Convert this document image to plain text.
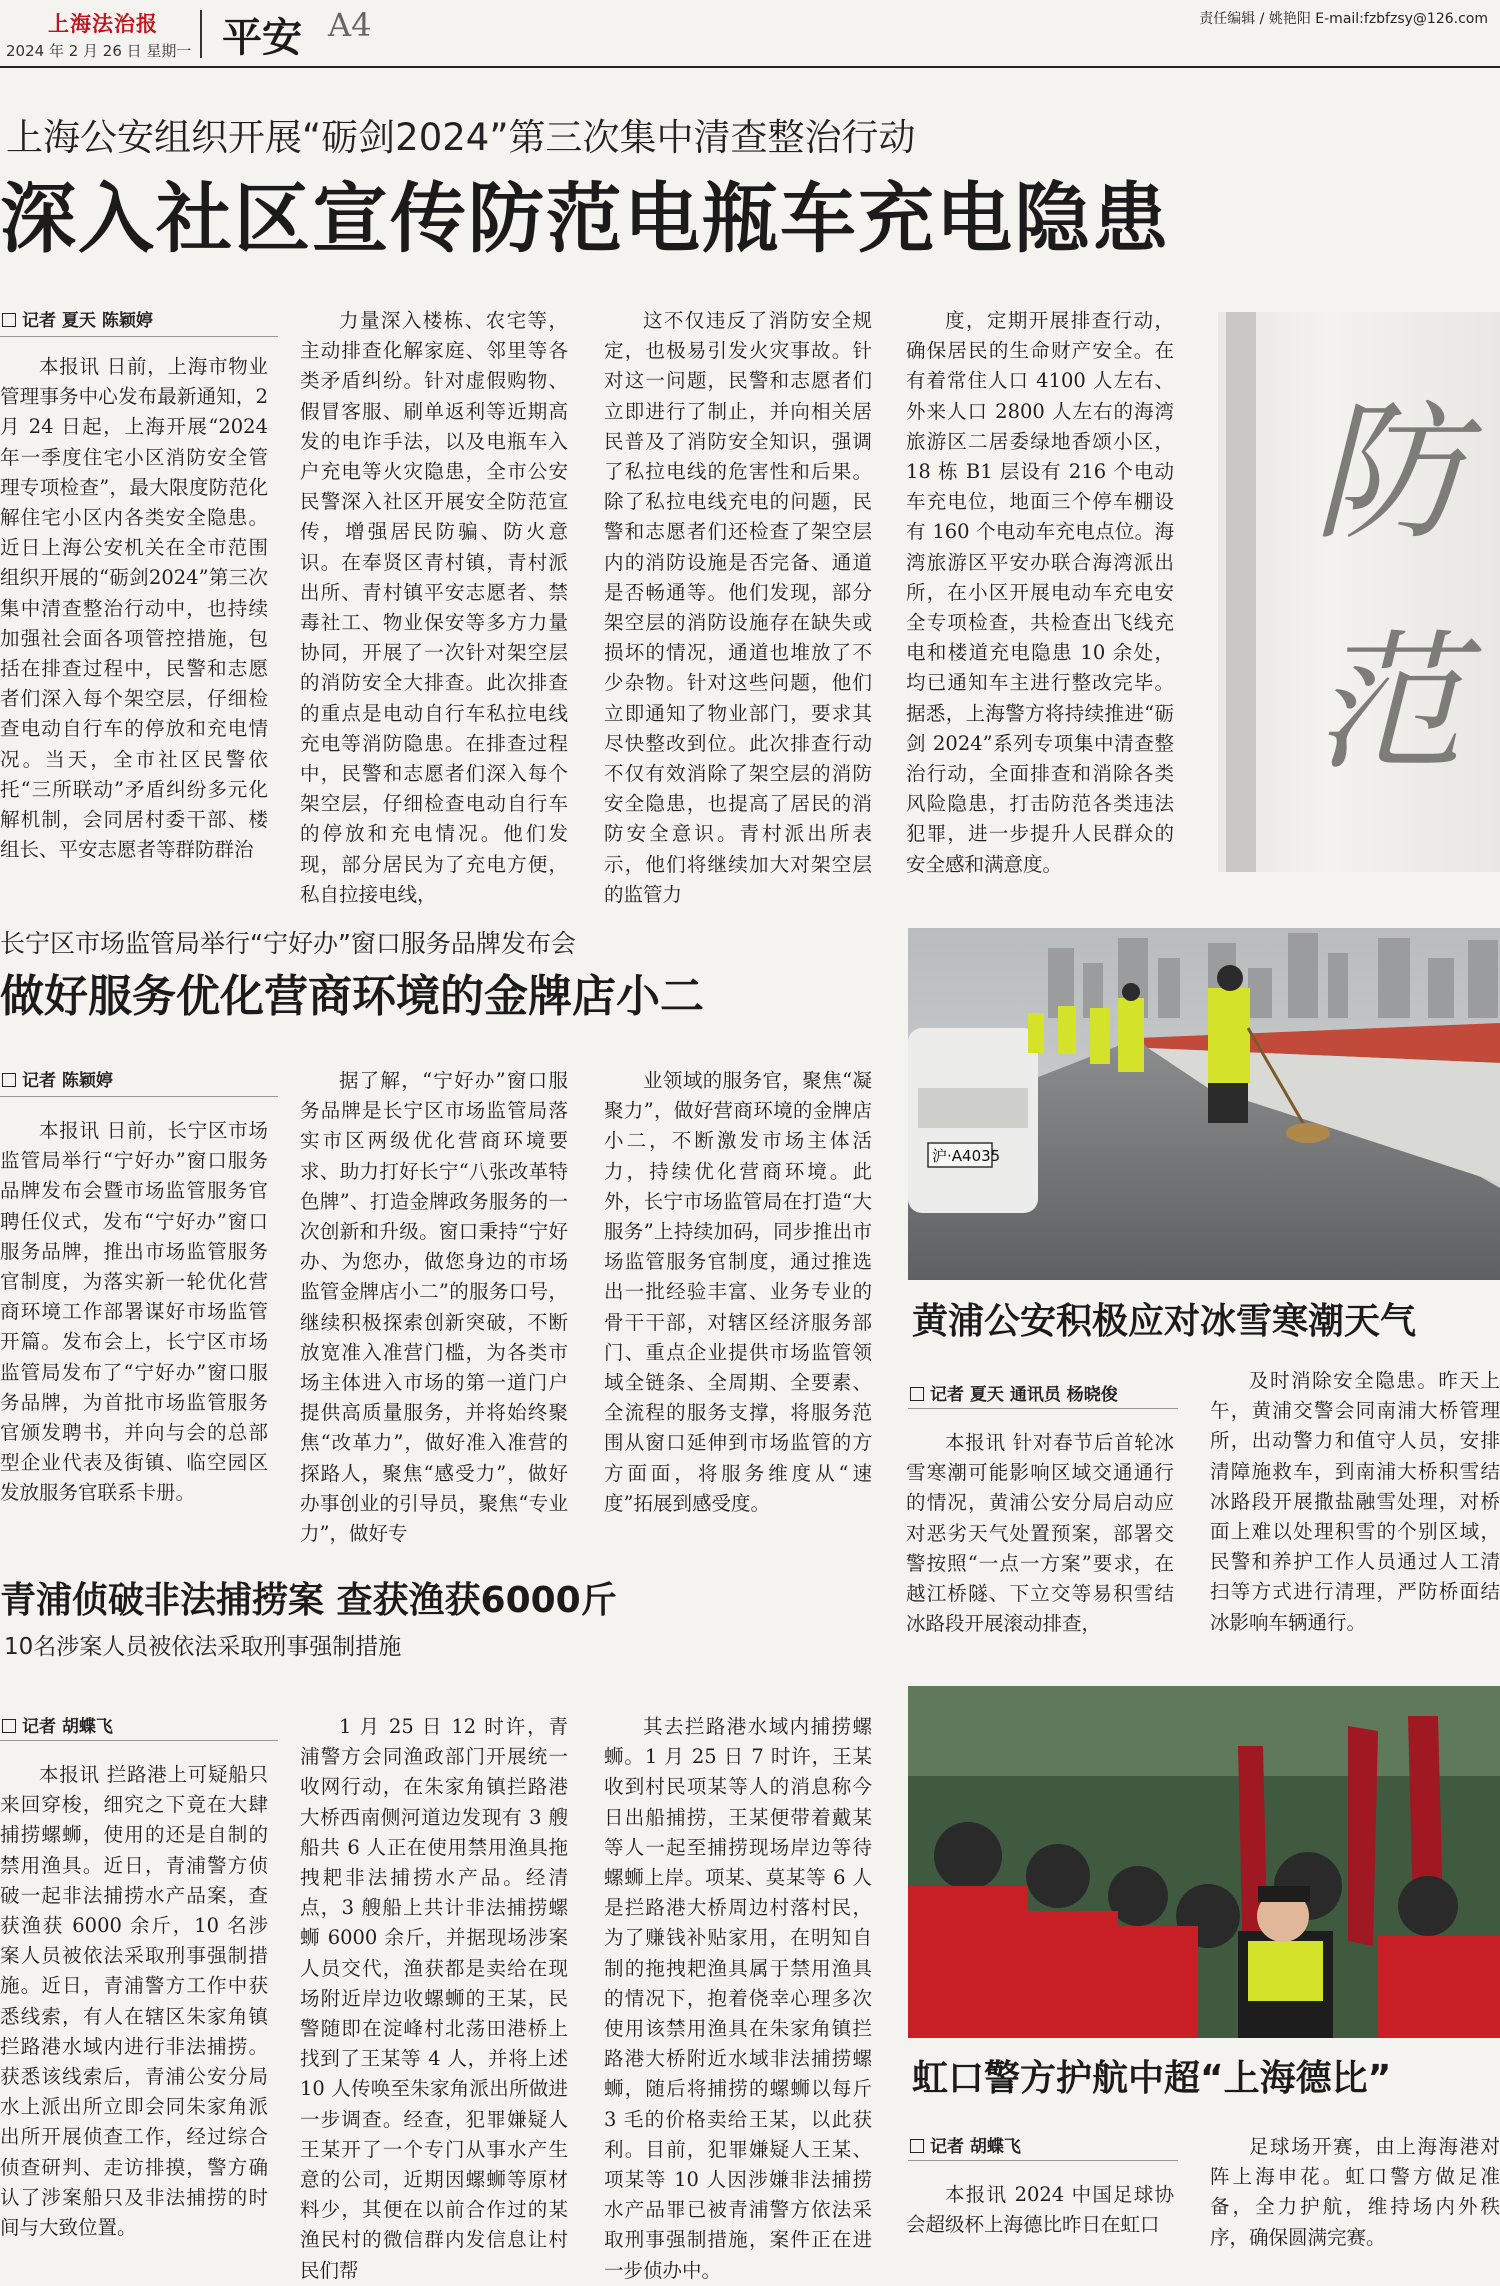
上海法治报
2024 年 2 月 26 日 星期一 平安 A4	责任编辑 / 姚艳阳 E-mail:fzbfzsy@126.com
上海公安组织开展“砺剑2024”第三次集中清查整治行动
深入社区宣传防范电瓶车充电隐患
记者 夏天 陈颖婷

本报讯 日前，上海市物业管理事务中心发布最新通知，2 月 24 日起，上海开展“2024 年一季度住宅小区消防安全管理专项检查”，最大限度防范化解住宅小区内各类安全隐患。近日上海公安机关在全市范围组织开展的“砺剑2024”第三次集中清查整治行动中，也持续加强社会面各项管控措施，包括在排查过程中，民警和志愿者们深入每个架空层，仔细检查电动自行车的停放和充电情况。当天，全市社区民警依托“三所联动”矛盾纠纷多元化解机制，会同居村委干部、楼组长、平安志愿者等群防群治

力量深入楼栋、农宅等，主动排查化解家庭、邻里等各类矛盾纠纷。针对虚假购物、假冒客服、刷单返利等近期高发的电诈手法，以及电瓶车入户充电等火灾隐患，全市公安民警深入社区开展安全防范宣传，增强居民防骗、防火意识。在奉贤区青村镇，青村派出所、青村镇平安志愿者、禁毒社工、物业保安等多方力量协同，开展了一次针对架空层的消防安全大排查。此次排查的重点是电动自行车私拉电线充电等消防隐患。在排查过程中，民警和志愿者们深入每个架空层，仔细检查电动自行车的停放和充电情况。他们发现，部分居民为了充电方便，私自拉接电线，

这不仅违反了消防安全规定，也极易引发火灾事故。针对这一问题，民警和志愿者们立即进行了制止，并向相关居民普及了消防安全知识，强调了私拉电线的危害性和后果。除了私拉电线充电的问题，民警和志愿者们还检查了架空层内的消防设施是否完备、通道是否畅通等。他们发现，部分架空层的消防设施存在缺失或损坏的情况，通道也堆放了不少杂物。针对这些问题，他们立即通知了物业部门，要求其尽快整改到位。此次排查行动不仅有效消除了架空层的消防安全隐患，也提高了居民的消防安全意识。青村派出所表示，他们将继续加大对架空层的监管力

度，定期开展排查行动，确保居民的生命财产安全。在有着常住人口 4100 人左右、外来人口 2800 人左右的海湾旅游区二居委绿地香颂小区，18 栋 B1 层设有 216 个电动车充电位，地面三个停车棚设有 160 个电动车充电点位。海湾旅游区平安办联合海湾派出所，在小区开展电动车充电安全专项检查，共检查出飞线充电和楼道充电隐患 10 余处，均已通知车主进行整改完毕。据悉，上海警方将持续推进“砺剑 2024”系列专项集中清查整治行动，全面排查和消除各类风险隐患，打击防范各类违法犯罪，进一步提升人民群众的安全感和满意度。

防
范
长宁区市场监管局举行“宁好办”窗口服务品牌发布会
做好服务优化营商环境的金牌店小二
记者 陈颖婷

本报讯 日前，长宁区市场监管局举行“宁好办”窗口服务品牌发布会暨市场监管服务官聘任仪式，发布“宁好办”窗口服务品牌，推出市场监管服务官制度，为落实新一轮优化营商环境工作部署谋好市场监管开篇。发布会上，长宁区市场监管局发布了“宁好办”窗口服务品牌，为首批市场监管服务官颁发聘书，并向与会的总部型企业代表及街镇、临空园区发放服务官联系卡册。

据了解，“宁好办”窗口服务品牌是长宁区市场监管局落实市区两级优化营商环境要求、助力打好长宁“八张改革特色牌”、打造金牌政务服务的一次创新和升级。窗口秉持“宁好办、为您办，做您身边的市场监管金牌店小二”的服务口号，继续积极探索创新突破，不断放宽准入准营门槛，为各类市场主体进入市场的第一道门户提供高质量服务，并将始终聚焦“改革力”，做好准入准营的探路人，聚焦“感受力”，做好办事创业的引导员，聚焦“专业力”，做好专

业领域的服务官，聚焦“凝聚力”，做好营商环境的金牌店小二，不断激发市场主体活力，持续优化营商环境。此外，长宁市场监管局在打造“大服务”上持续加码，同步推出市场监管服务官制度，通过推选出一批经验丰富、业务专业的骨干干部，对辖区经济服务部门、重点企业提供市场监管领域全链条、全周期、全要素、全流程的服务支撑，将服务范围从窗口延伸到市场监管的方方面面，将服务维度从“速度”拓展到感受度。

沪·A4035
黄浦公安积极应对冰雪寒潮天气
记者 夏天 通讯员 杨晓俊

本报讯 针对春节后首轮冰雪寒潮可能影响区域交通通行的情况，黄浦公安分局启动应对恶劣天气处置预案，部署交警按照“一点一方案”要求，在越江桥隧、下立交等易积雪结冰路段开展滚动排查，

及时消除安全隐患。昨天上午，黄浦交警会同南浦大桥管理所，出动警力和值守人员，安排清障施救车，到南浦大桥积雪结冰路段开展撒盐融雪处理，对桥面上难以处理积雪的个别区域，民警和养护工作人员通过人工清扫等方式进行清理，严防桥面结冰影响车辆通行。

青浦侦破非法捕捞案 查获渔获6000斤
10名涉案人员被依法采取刑事强制措施
记者 胡蝶飞

本报讯 拦路港上可疑船只来回穿梭，细究之下竟在大肆捕捞螺蛳，使用的还是自制的禁用渔具。近日，青浦警方侦破一起非法捕捞水产品案，查获渔获 6000 余斤，10 名涉案人员被依法采取刑事强制措施。近日，青浦警方工作中获悉线索，有人在辖区朱家角镇拦路港水域内进行非法捕捞。获悉该线索后，青浦公安分局水上派出所立即会同朱家角派出所开展侦查工作，经过综合侦查研判、走访排摸，警方确认了涉案船只及非法捕捞的时间与大致位置。

1 月 25 日 12 时许，青浦警方会同渔政部门开展统一收网行动，在朱家角镇拦路港大桥西南侧河道边发现有 3 艘船共 6 人正在使用禁用渔具拖拽耙非法捕捞水产品。经清点，3 艘船上共计非法捕捞螺蛳 6000 余斤，并据现场涉案人员交代，渔获都是卖给在现场附近岸边收螺蛳的王某，民警随即在淀峰村北荡田港桥上找到了王某等 4 人，并将上述 10 人传唤至朱家角派出所做进一步调查。经查，犯罪嫌疑人王某开了一个专门从事水产生意的公司，近期因螺蛳等原材料少，其便在以前合作过的某渔民村的微信群内发信息让村民们帮

其去拦路港水域内捕捞螺蛳。1 月 25 日 7 时许，王某收到村民项某等人的消息称今日出船捕捞，王某便带着戴某等人一起至捕捞现场岸边等待螺蛳上岸。项某、莫某等 6 人是拦路港大桥周边村落村民，为了赚钱补贴家用，在明知自制的拖拽耙渔具属于禁用渔具的情况下，抱着侥幸心理多次使用该禁用渔具在朱家角镇拦路港大桥附近水域非法捕捞螺蛳，随后将捕捞的螺蛳以每斤 3 毛的价格卖给王某，以此获利。目前，犯罪嫌疑人王某、项某等 10 人因涉嫌非法捕捞水产品罪已被青浦警方依法采取刑事强制措施，案件正在进一步侦办中。

虹口警方护航中超“上海德比”
记者 胡蝶飞

本报讯 2024 中国足球协会超级杯上海德比昨日在虹口

足球场开赛，由上海海港对阵上海申花。虹口警方做足准备，全力护航，维持场内外秩序，确保圆满完赛。
